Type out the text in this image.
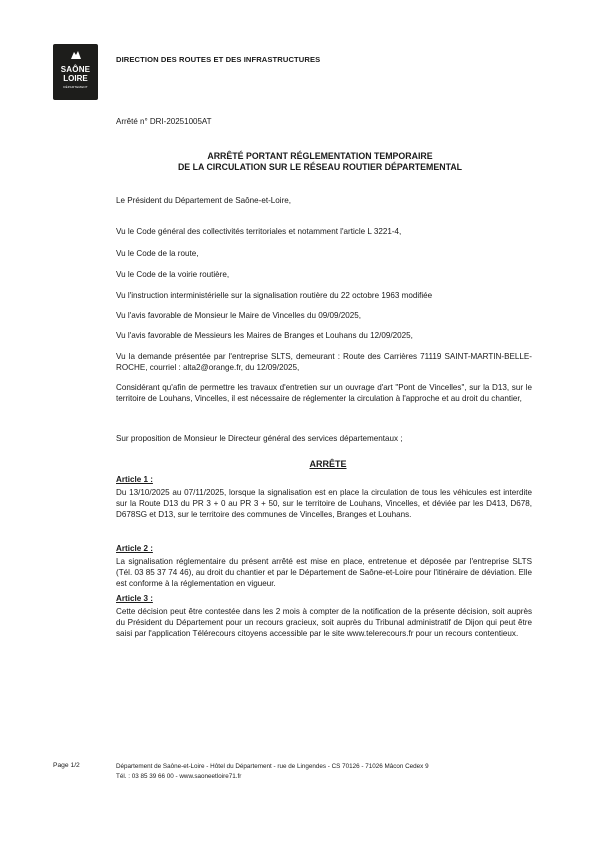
SAÔNE
LOIRE
DÉPARTEMENT
DIRECTION DES ROUTES ET DES INFRASTRUCTURES
Arrêté n° DRI-20251005AT
ARRÊTÉ PORTANT RÉGLEMENTATION TEMPORAIRE
DE LA CIRCULATION SUR LE RÉSEAU ROUTIER DÉPARTEMENTAL
Le Président du Département de Saône-et-Loire,
Vu le Code général des collectivités territoriales et notamment l'article L 3221-4,
Vu le Code de la route,
Vu le Code de la voirie routière,
Vu l'instruction interministérielle sur la signalisation routière du 22 octobre 1963 modifiée
Vu l'avis favorable de Monsieur le Maire de Vincelles du 09/09/2025,
Vu l'avis favorable de Messieurs les Maires de Branges et Louhans du 12/09/2025,
Vu la demande présentée par l'entreprise SLTS, demeurant : Route des Carrières 71119 SAINT-MARTIN-BELLE-ROCHE, courriel : alta2@orange.fr, du 12/09/2025,
Considérant qu'afin de permettre les travaux d'entretien sur un ouvrage d'art "Pont de Vincelles", sur la D13, sur le territoire de Louhans, Vincelles, il est nécessaire de réglementer la circulation à l'approche et au droit du chantier,
Sur proposition de Monsieur le Directeur général des services départementaux ;
ARRÊTE
Article 1 :
Du 13/10/2025 au 07/11/2025, lorsque la signalisation est en place la circulation de tous les véhicules est interdite sur la Route D13 du PR 3 + 0 au PR 3 + 50, sur le territoire de Louhans, Vincelles, et déviée par les D413, D678, D678SG et D13, sur le territoire des communes de Vincelles, Branges et Louhans.
Article 2 :
La signalisation réglementaire du présent arrêté est mise en place, entretenue et déposée par l'entreprise SLTS (Tél. 03 85 37 74 46), au droit du chantier et par le Département de Saône-et-Loire pour l'itinéraire de déviation. Elle est conforme à la réglementation en vigueur.
Article 3 :
Cette décision peut être contestée dans les 2 mois à compter de la notification de la présente décision, soit auprès du Président du Département pour un recours gracieux, soit auprès du Tribunal administratif de Dijon qui peut être saisi par l'application Télérecours citoyens accessible par le site www.telerecours.fr pour un recours contentieux.
Page 1/2	Département de Saône-et-Loire - Hôtel du Département - rue de Lingendes - CS 70126 - 71026 Mâcon Cedex 9
Tél. : 03 85 39 66 00 - www.saoneetloire71.fr
